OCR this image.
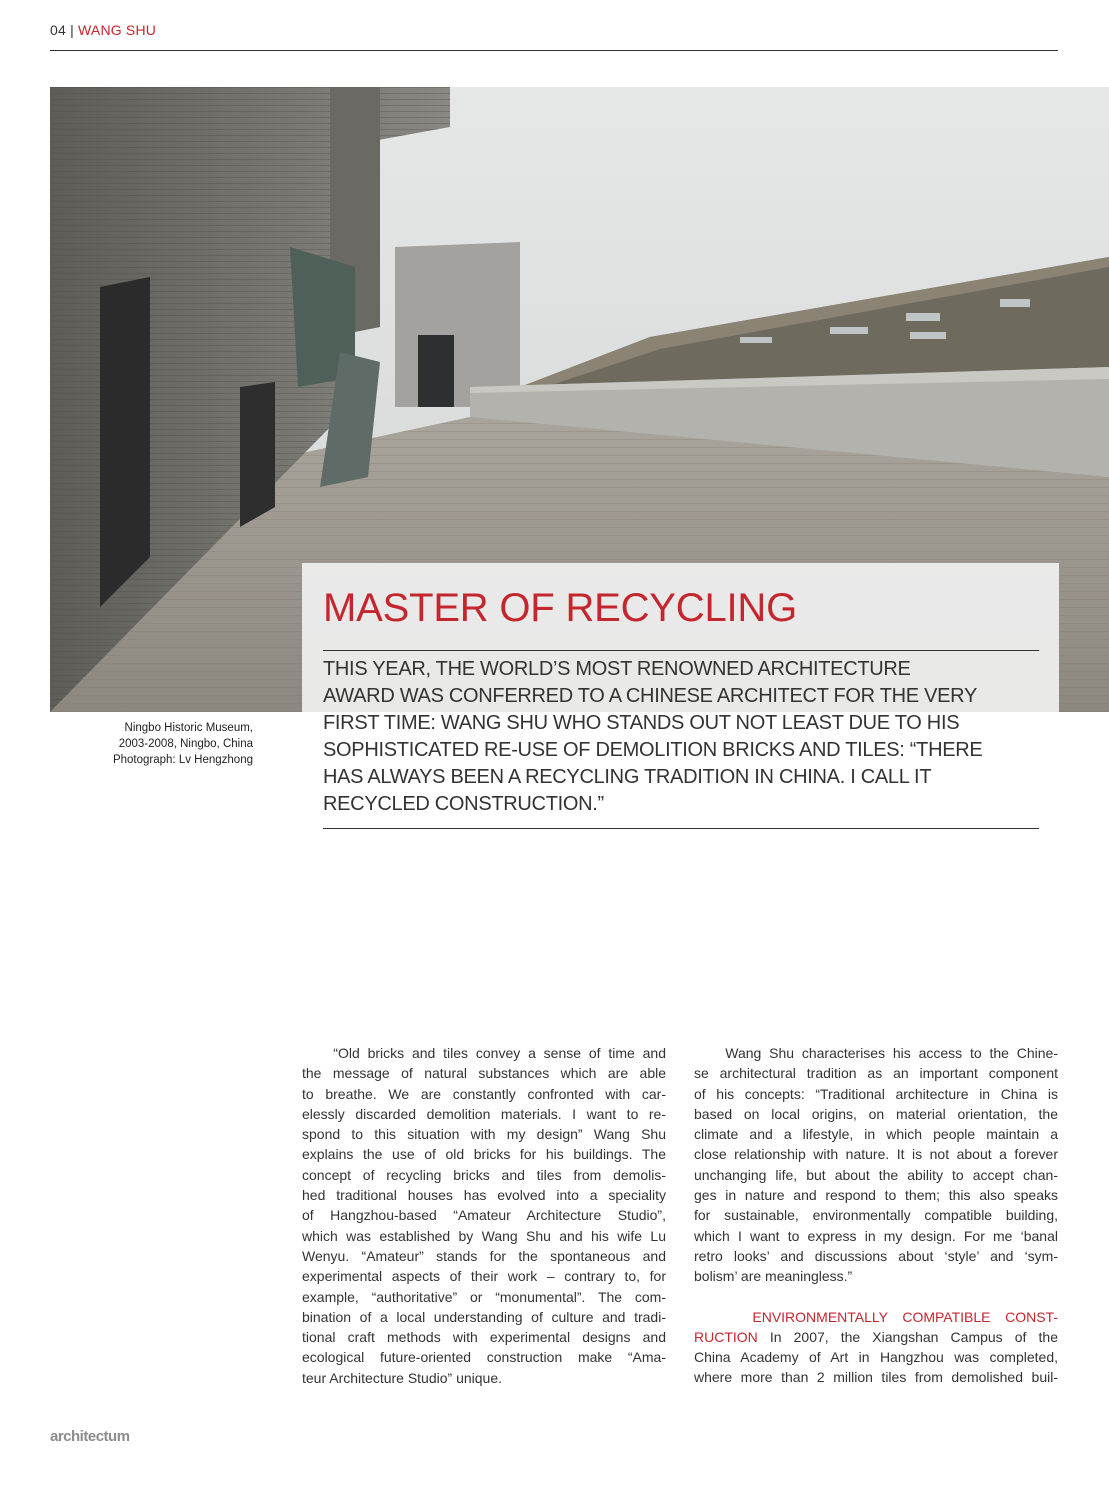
04 | WANG SHU
Ningbo Historic Museum,
2003-2008, Ningbo, China
Photograph: Lv Hengzhong
MASTER OF RECYCLING
THIS YEAR, THE WORLD’S MOST RENOWNED ARCHITECTURE
AWARD WAS CONFERRED TO A CHINESE ARCHITECT FOR THE VERY
FIRST TIME: WANG SHU WHO STANDS OUT NOT LEAST DUE TO HIS
SOPHISTICATED RE-USE OF DEMOLITION BRICKS AND TILES: “THERE
HAS ALWAYS BEEN A RECYCLING TRADITION IN CHINA. I CALL IT
RECYCLED CONSTRUCTION.”
“Old bricks and tiles convey a sense of time and
the message of natural substances which are able
to breathe. We are constantly confronted with car-
elessly discarded demolition materials. I want to re-
spond to this situation with my design” Wang Shu
explains the use of old bricks for his buildings. The
concept of recycling bricks and tiles from demolis-
hed traditional houses has evolved into a speciality
of Hangzhou-based “Amateur Architecture Studio”,
which was established by Wang Shu and his wife Lu
Wenyu. “Amateur” stands for the spontaneous and
experimental aspects of their work – contrary to, for
example, “authoritative” or “monumental”. The com-
bination of a local understanding of culture and tradi-
tional craft methods with experimental designs and
ecological future-oriented construction make “Ama-
teur Architecture Studio” unique.
Wang Shu characterises his access to the Chine-
se architectural tradition as an important component
of his concepts: “Traditional architecture in China is
based on local origins, on material orientation, the
climate and a lifestyle, in which people maintain a
close relationship with nature. It is not about a forever
unchanging life, but about the ability to accept chan-
ges in nature and respond to them; this also speaks
for sustainable, environmentally compatible building,
which I want to express in my design. For me ‘banal
retro looks’ and discussions about ‘style’ and ‘sym-
bolism’ are meaningless.”
ENVIRONMENTALLY COMPATIBLE CONST-
RUCTION In 2007, the Xiangshan Campus of the
China Academy of Art in Hangzhou was completed,
where more than 2 million tiles from demolished buil-
architectum
